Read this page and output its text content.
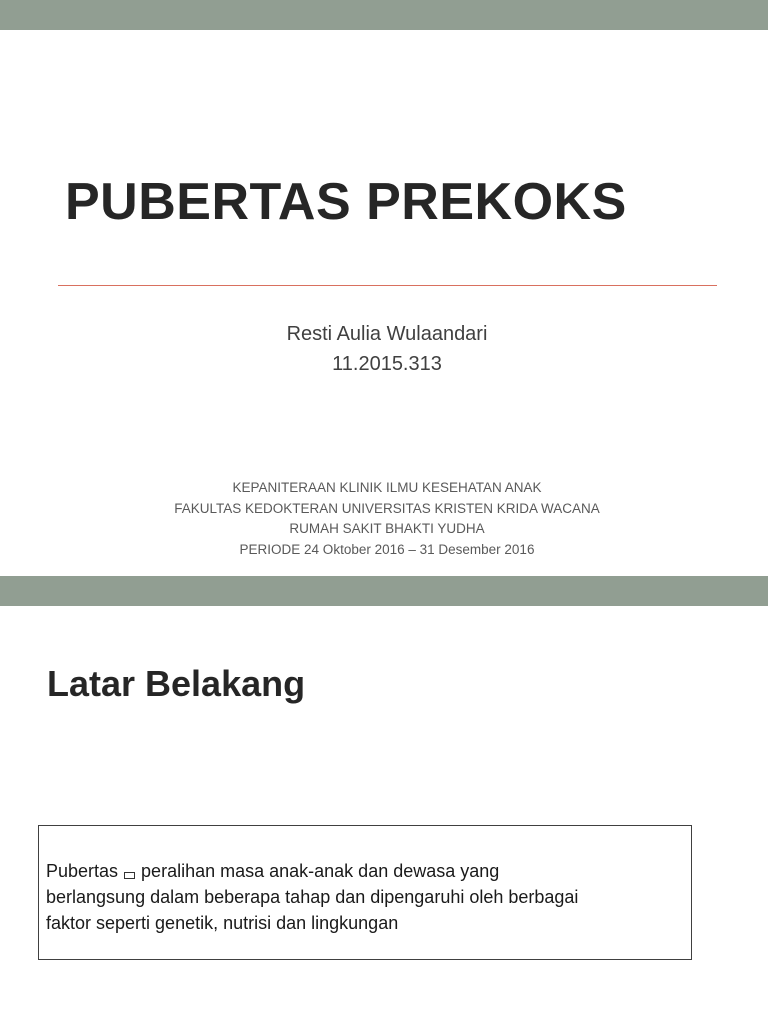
PUBERTAS PREKOKS
Resti Aulia Wulaandari
11.2015.313
KEPANITERAAN KLINIK ILMU KESEHATAN ANAK
FAKULTAS KEDOKTERAN UNIVERSITAS KRISTEN KRIDA WACANA
RUMAH SAKIT BHAKTI YUDHA
PERIODE 24 Oktober 2016 – 31 Desember 2016
Latar Belakang
Pubertas peralihan masa anak-anak dan dewasa yang
berlangsung dalam beberapa tahap dan dipengaruhi oleh berbagai
faktor seperti genetik, nutrisi dan lingkungan
